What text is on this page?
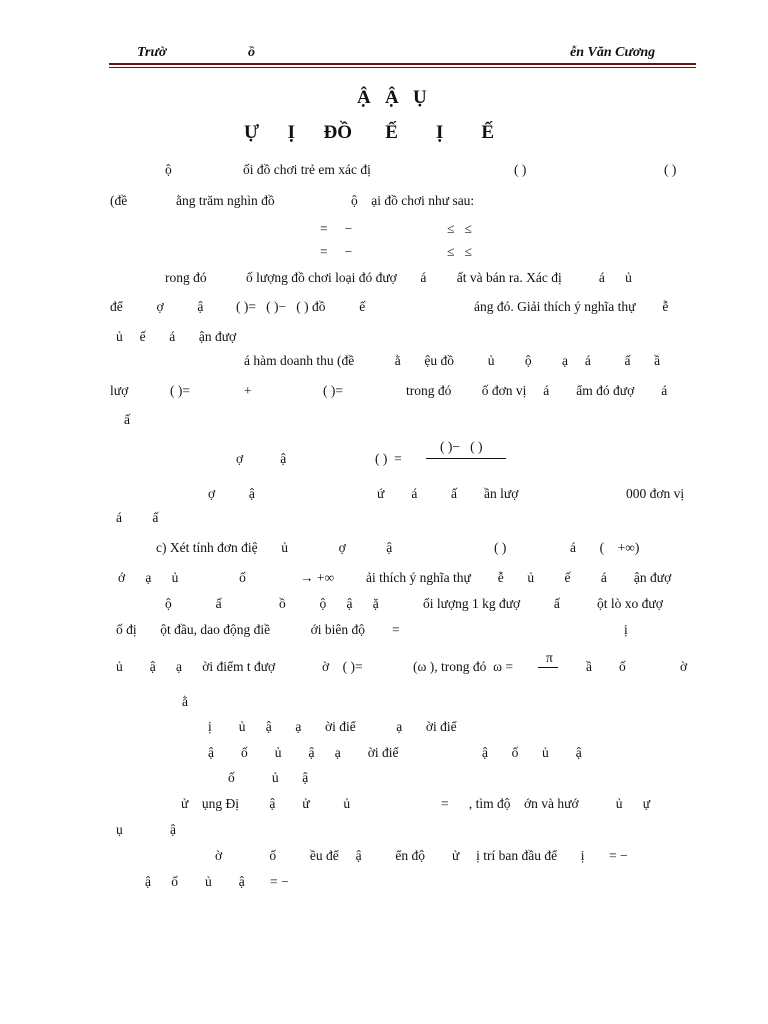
Trườ	ồ	ễn Văn Cương
Ậ   Ậ   Ụ
Ự      Ị      ĐỒ       Ế        Ị        Ế
ộ	ối đồ chơi trẻ em xác đị	( )	( )
(đề	ằng trăm nghìn đồ	ộ    ại đồ chơi như sau:
=     −	≤   ≤
=     −	≤   ≤
rong đó	ố lượng đồ chơi loại đó đượ       á         ất và bán ra. Xác đị           á      ủ
để          ợ          ậ ( )=   ( )−   ( ) đồ          ế	áng đó. Giải thích ý nghĩa thự        ễ
ủ     ế       á       ận đượ
á hàm doanh thu (đề            ằ       ệu đồ          ủ         ộ         ạ     á          ấ       ầ
lượ	( )=	+	( )=	trong đó         ố đơn vị     á        ẩm đó đượ        á
ấ
ợ           ậ	( )  =
( )−   ( )
ợ          ậ	ứ        á          ấ        ần lượ	000 đơn vị
á         ấ
c) Xét tính đơn điệ       ủ               ợ            ậ	( )	á       (    +∞)
ớ      ạ      ủ                  ố	→ +∞ ải thích ý nghĩa thự        ễ       ủ         ế         á        ận đượ
ộ             ấ                 ồ          ộ      ậ      ặ	ối lượng 1 kg đượ          ấ           ột lò xo đượ
ố đị       ột đầu, dao động điề            ới biên độ        =	ị
ủ        ậ      ạ      ời điểm t đượ	ờ    ( )=	(ω ), trong đó  ω =
π
ầ        ố	ờ
ằ
ị        ủ      ậ       ạ       ời điể            ạ       ời điể
ậ        ố        ủ        ậ      ạ        ời điể	ậ       ố       ủ        ậ
ố           ủ       ậ
ử    ụng Đị         ậ        ử          ủ	=      , tìm độ    ớn và hướ           ủ      ự
ụ              ậ
ờ              ố          ều để     ậ          ển độ        ử     ị trí ban đầu để       ị = −
ậ      ố        ủ        ậ = −
